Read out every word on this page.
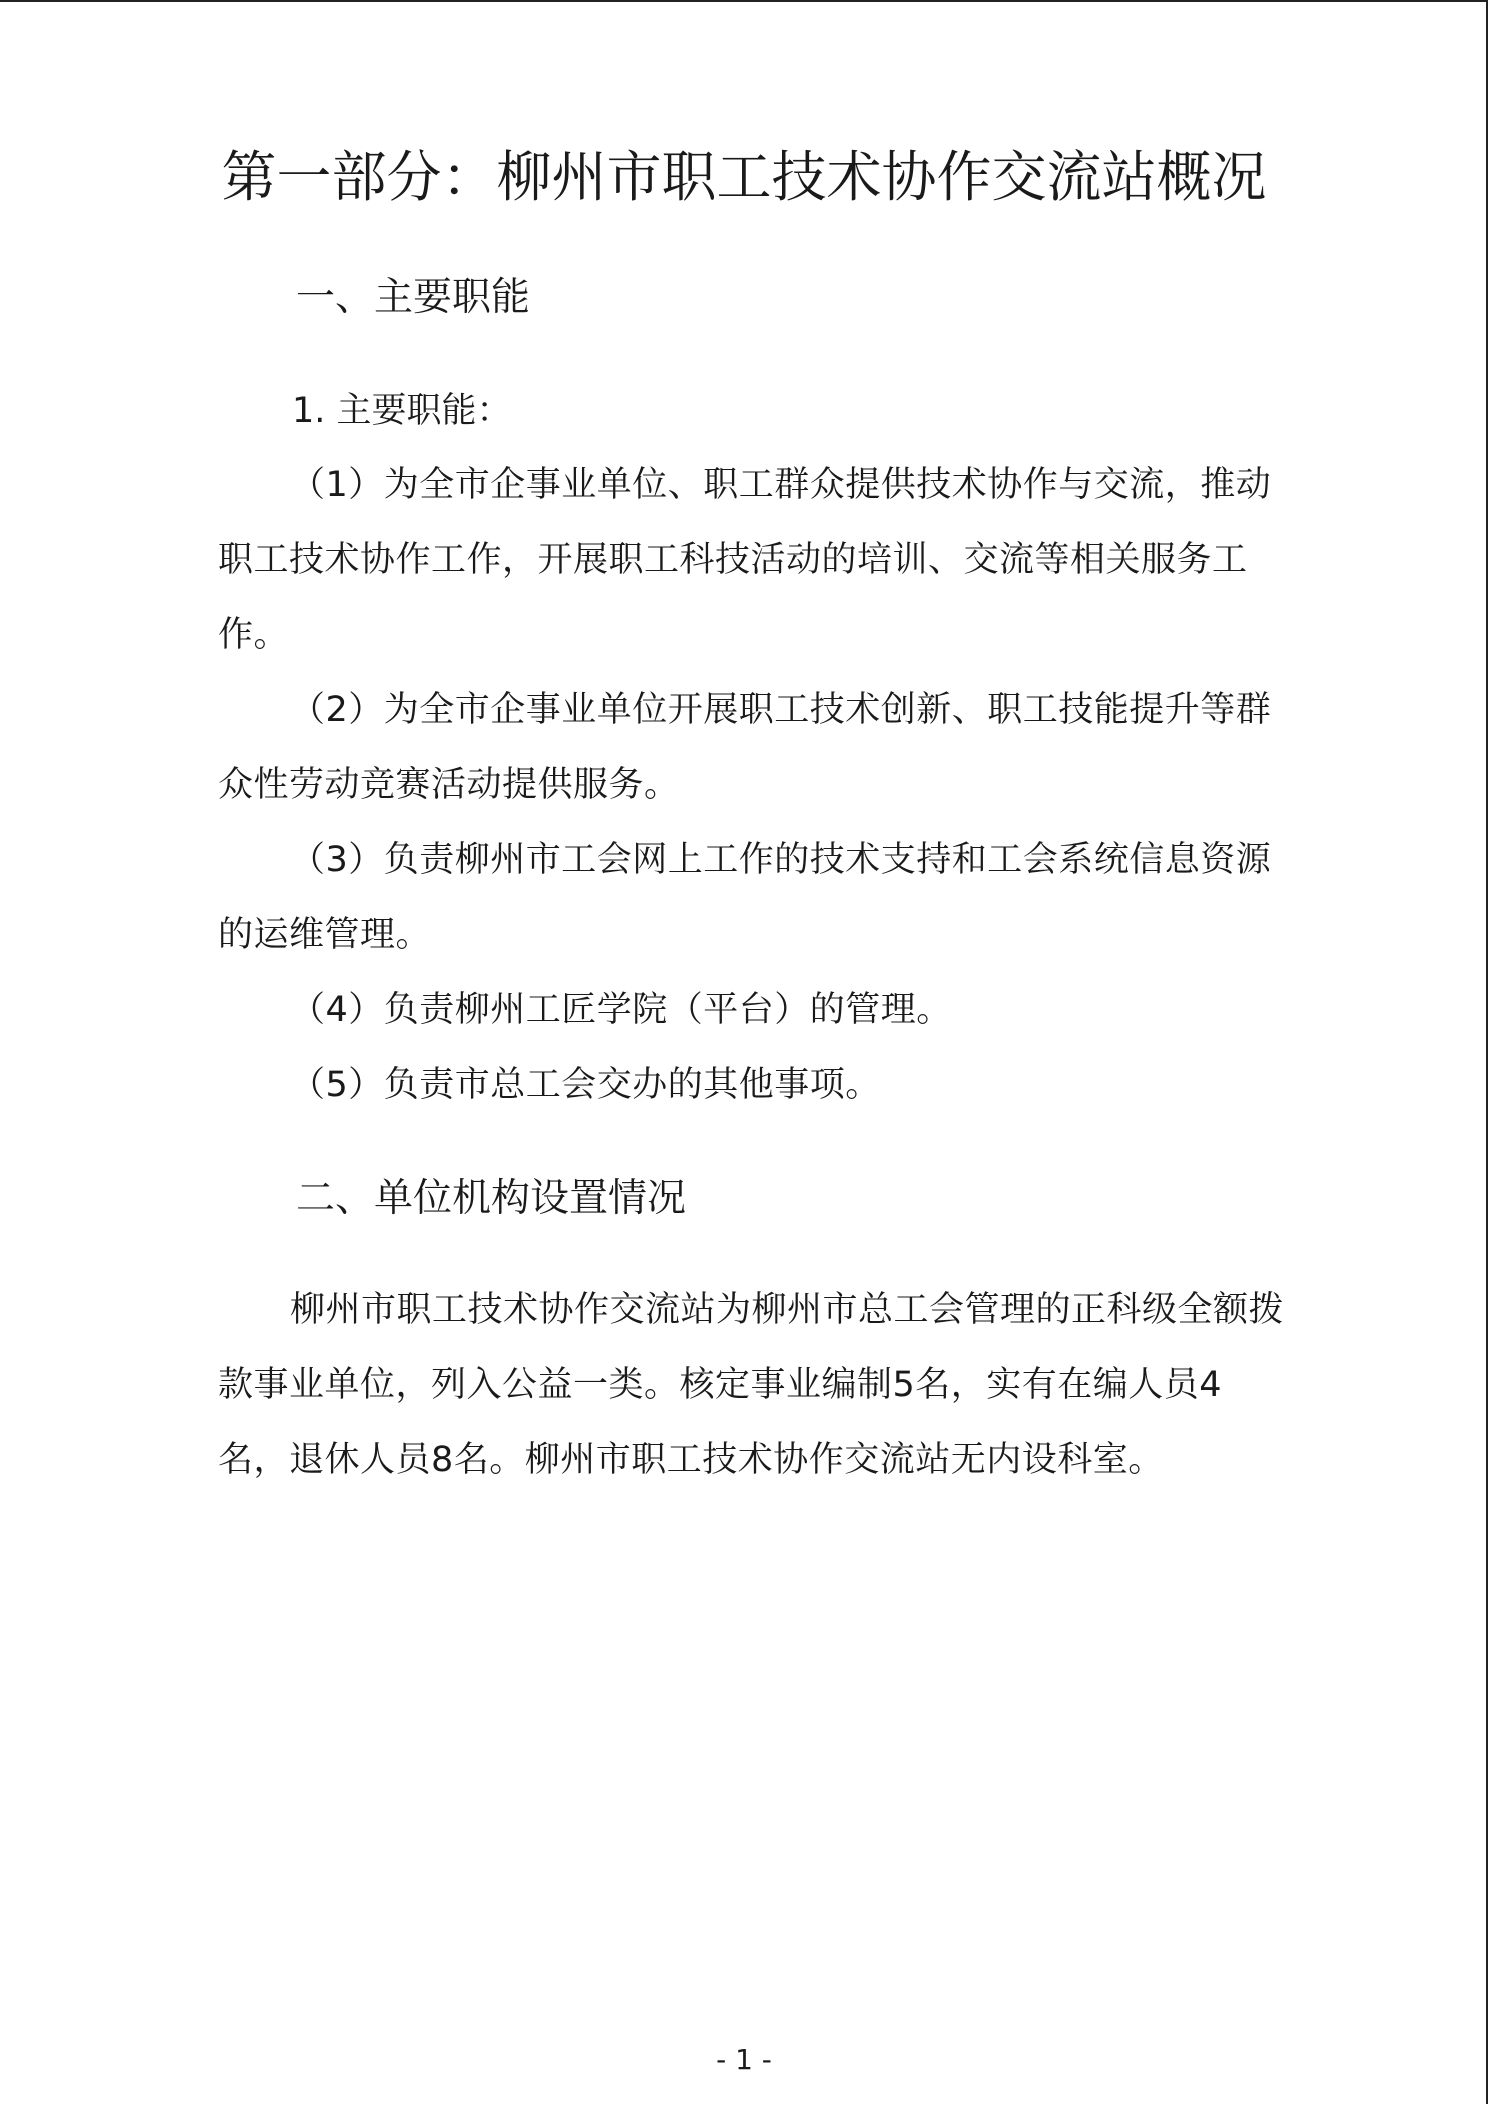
第一部分：柳州市职工技术协作交流站概况
一、主要职能
1. 主要职能：

（1）为全市企事业单位、职工群众提供技术协作与交流，推动职工技术协作工作，开展职工科技活动的培训、交流等相关服务工作。

（2）为全市企事业单位开展职工技术创新、职工技能提升等群众性劳动竞赛活动提供服务。

（3）负责柳州市工会网上工作的技术支持和工会系统信息资源的运维管理。

（4）负责柳州工匠学院（平台）的管理。

（5）负责市总工会交办的其他事项。

二、单位机构设置情况

柳州市职工技术协作交流站为柳州市总工会管理的正科级全额拨款事业单位，列入公益一类。核定事业编制5名，实有在编人员4名，退休人员8名。柳州市职工技术协作交流站无内设科室。

- 1 -
